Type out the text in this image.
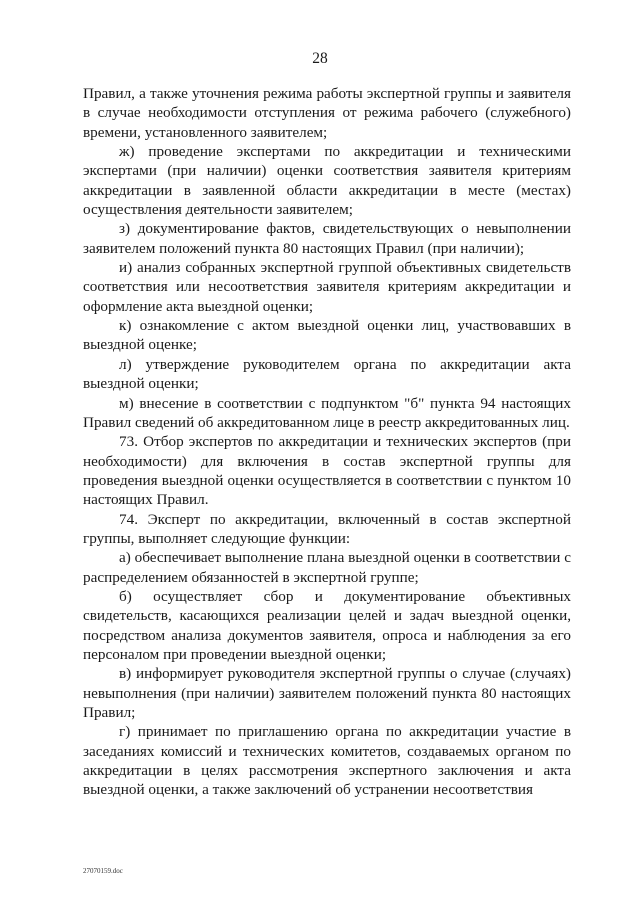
28

Правил, а также уточнения режима работы экспертной группы и заявителя в случае необходимости отступления от режима рабочего (служебного) времени, установленного заявителем;

ж) проведение экспертами по аккредитации и техническими экспертами (при наличии) оценки соответствия заявителя критериям аккредитации в заявленной области аккредитации в месте (местах) осуществления деятельности заявителем;

з) документирование фактов, свидетельствующих о невыполнении заявителем положений пункта 80 настоящих Правил (при наличии);

и) анализ собранных экспертной группой объективных свидетельств соответствия или несоответствия заявителя критериям аккредитации и оформление акта выездной оценки;

к) ознакомление с актом выездной оценки лиц, участвовавших в выездной оценке;

л) утверждение руководителем органа по аккредитации акта выездной оценки;

м) внесение в соответствии с подпунктом "б" пункта 94 настоящих Правил сведений об аккредитованном лице в реестр аккредитованных лиц.

73. Отбор экспертов по аккредитации и технических экспертов (при необходимости) для включения в состав экспертной группы для проведения выездной оценки осуществляется в соответствии с пунктом 10 настоящих Правил.

74. Эксперт по аккредитации, включенный в состав экспертной группы, выполняет следующие функции:

а) обеспечивает выполнение плана выездной оценки в соответствии с распределением обязанностей в экспертной группе;

б) осуществляет сбор и документирование объективных свидетельств, касающихся реализации целей и задач выездной оценки, посредством анализа документов заявителя, опроса и наблюдения за его персоналом при проведении выездной оценки;

в) информирует руководителя экспертной группы о случае (случаях) невыполнения (при наличии) заявителем положений пункта 80 настоящих Правил;

г) принимает по приглашению органа по аккредитации участие в заседаниях комиссий и технических комитетов, создаваемых органом по аккредитации в целях рассмотрения экспертного заключения и акта выездной оценки, а также заключений об устранении несоответствия

27070159.doc
